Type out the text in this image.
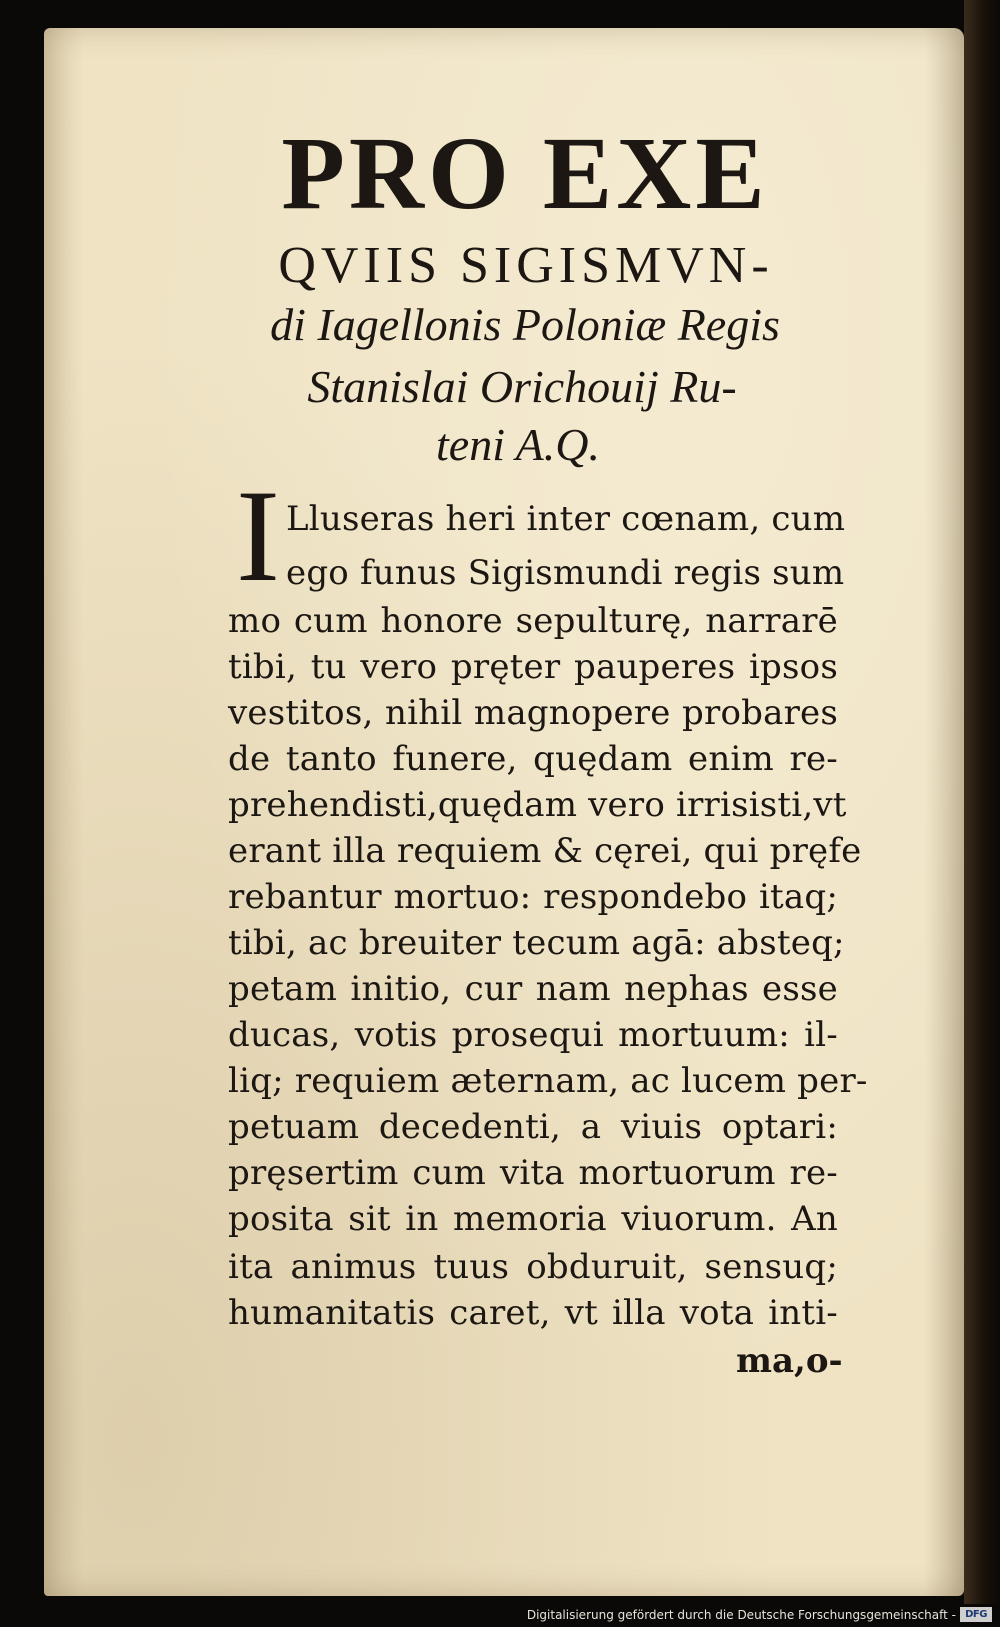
PRO EXE
QVIIS SIGISMVN-
di Iagellonis Poloniæ Regis
Stanislai Orichouij Ru-
teni A.Q.
I Lluseras heri inter cœnam, cum
ego funus Sigismundi regis sum
mo cum honore sepulturę, narrarē
tibi, tu vero pręter pauperes ipsos
vestitos, nihil magnopere probares
de tanto funere, quędam enim re-
prehendisti,quędam vero irrisisti,vt
erant illa requiem & cęrei, qui pręfe
rebantur mortuo: respondebo itaq;
tibi, ac breuiter tecum agā: absteq;
petam initio, cur nam nephas esse
ducas, votis prosequi mortuum: il-
liq; requiem æternam, ac lucem per-
petuam decedenti, a viuis optari:
pręsertim cum vita mortuorum re-
posita sit in memoria viuorum. An
ita animus tuus obduruit, sensuq;
humanitatis caret, vt illa vota inti-
ma,o-
Digitalisierung gefördert durch die Deutsche Forschungsgemeinschaft - DFG
